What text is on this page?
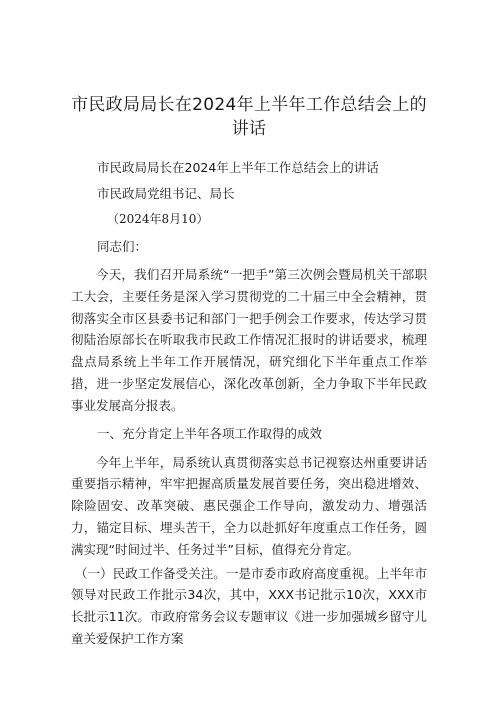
市民政局局长在2024年上半年工作总结会上的讲话
市民政局局长在2024年上半年工作总结会上的讲话
市民政局党组书记、局长
（2024年8月10）
同志们：

今天，我们召开局系统“一把手”第三次例会暨局机关干部职工大会，主要任务是深入学习贯彻党的二十届三中全会精神，贯彻落实全市区县委书记和部门一把手例会工作要求，传达学习贯彻陆治原部长在听取我市民政工作情况汇报时的讲话要求，梳理盘点局系统上半年工作开展情况，研究细化下半年重点工作举措，进一步坚定发展信心，深化改革创新，全力争取下半年民政事业发展高分报表。

一、充分肯定上半年各项工作取得的成效

今年上半年，局系统认真贯彻落实总书记视察达州重要讲话重要指示精神，牢牢把握高质量发展首要任务，突出稳进增效、除险固安、改革突破、惠民强企工作导向，激发动力、增强活力，锚定目标、埋头苦干，全力以赴抓好年度重点工作任务，圆满实现“时间过半、任务过半”目标，值得充分肯定。

（一）民政工作备受关注。一是市委市政府高度重视。上半年市领导对民政工作批示34次，其中，XXX书记批示10次，XXX市长批示11次。市政府常务会议专题审议《进一步加强城乡留守儿童关爱保护工作方案
